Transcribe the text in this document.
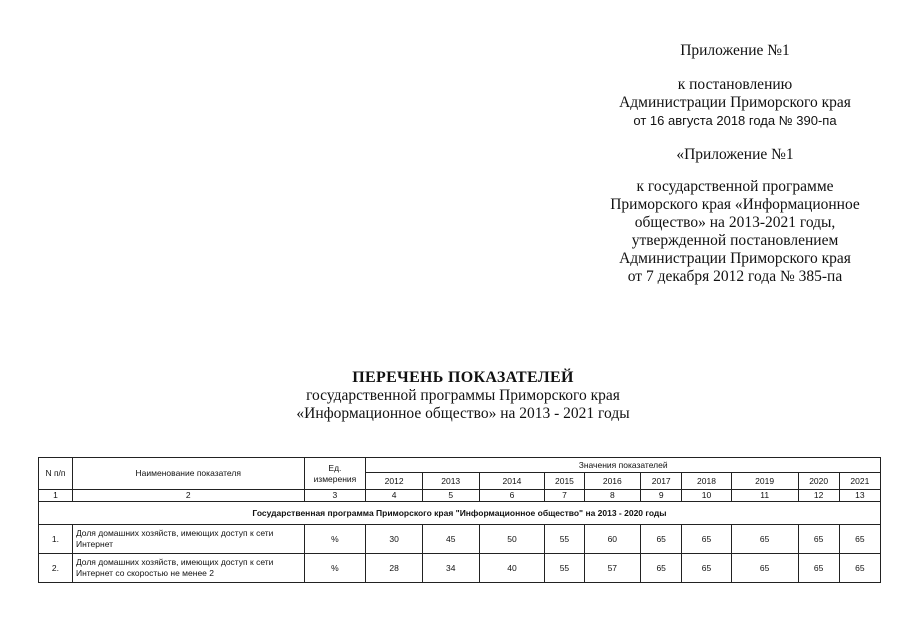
Приложение №1
к постановлению
Администрации Приморского края
от 16 августа 2018 года № 390-па
«Приложение №1
к государственной программе
Приморского края «Информационное
общество» на 2013-2021 годы,
утвержденной постановлением
Администрации Приморского края
от 7 декабря 2012 года № 385-па
ПЕРЕЧЕНЬ ПОКАЗАТЕЛЕЙ
государственной программы Приморского края
«Информационное общество» на 2013 - 2021 годы
N п/п	Наименование показателя	Ед. измерения	Значения показателей									
			2012	2013	2014	2015	2016	2017	2018	2019	2020	2021
1	2	3	4	5	6	7	8	9	10	11	12	13
Государственная программа Приморского края "Информационное общество" на 2013 - 2020 годы												
1.	Доля домашних хозяйств, имеющих доступ к сети Интернет	%	30	45	50	55	60	65	65	65	65	65
2.	Доля домашних хозяйств, имеющих доступ к сети Интернет со скоростью не менее 2	%	28	34	40	55	57	65	65	65	65	65
